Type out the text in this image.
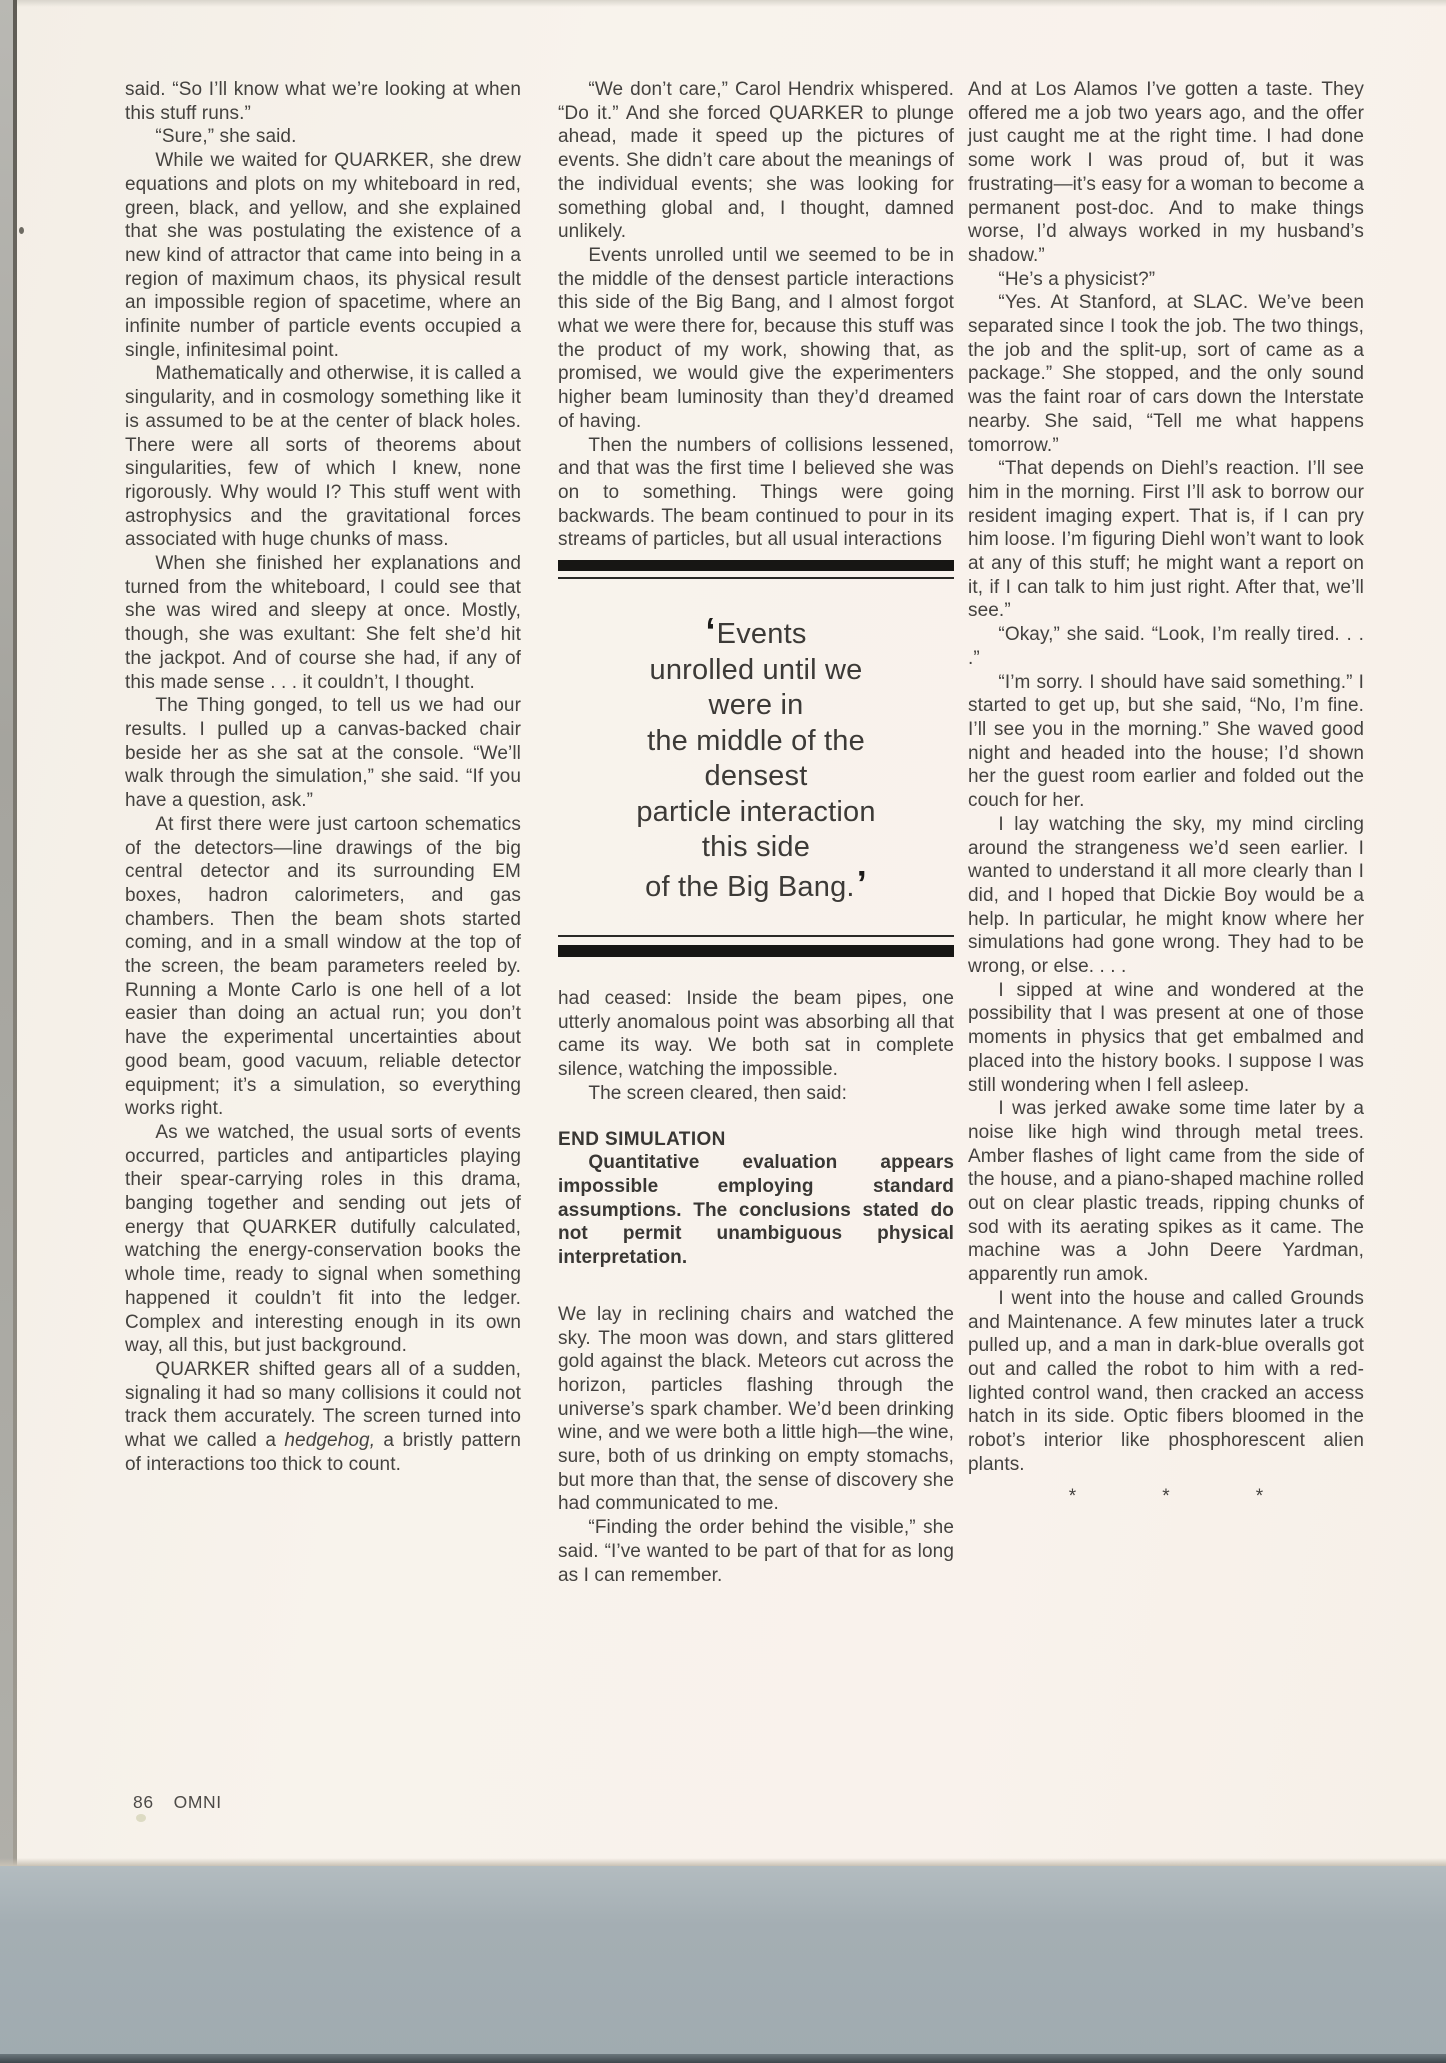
said. “So I’ll know what we’re looking at when this stuff runs.”

“Sure,” she said.

While we waited for QUARKER, she drew equations and plots on my whiteboard in red, green, black, and yellow, and she explained that she was postulating the existence of a new kind of attractor that came into being in a region of maximum chaos, its physical result an impossible region of spacetime, where an infinite number of particle events occupied a single, infinitesimal point.

Mathematically and otherwise, it is called a singularity, and in cosmology something like it is assumed to be at the center of black holes. There were all sorts of theorems about singularities, few of which I knew, none rigorously. Why would I? This stuff went with astrophysics and the gravitational forces associated with huge chunks of mass.

When she finished her explanations and turned from the whiteboard, I could see that she was wired and sleepy at once. Mostly, though, she was exultant: She felt she’d hit the jackpot. And of course she had, if any of this made sense . . . it couldn’t, I thought.

The Thing gonged, to tell us we had our results. I pulled up a canvas-backed chair beside her as she sat at the console. “We’ll walk through the simulation,” she said. “If you have a question, ask.”

At first there were just cartoon schematics of the detectors—line drawings of the big central detector and its surrounding EM boxes, hadron calorimeters, and gas chambers. Then the beam shots started coming, and in a small window at the top of the screen, the beam parameters reeled by. Running a Monte Carlo is one hell of a lot easier than doing an actual run; you don’t have the experimental uncertainties about good beam, good vacuum, reliable detector equipment; it’s a simulation, so everything works right.

As we watched, the usual sorts of events occurred, particles and antiparticles playing their spear-carrying roles in this drama, banging together and sending out jets of energy that QUARKER dutifully calculated, watching the energy-conservation books the whole time, ready to signal when something happened it couldn’t fit into the ledger. Complex and interesting enough in its own way, all this, but just background.

QUARKER shifted gears all of a sudden, signaling it had so many collisions it could not track them accurately. The screen turned into what we called a hedgehog, a bristly pattern of interactions too thick to count.

“We don’t care,” Carol Hendrix whispered. “Do it.” And she forced QUARKER to plunge ahead, made it speed up the pictures of events. She didn’t care about the meanings of the individual events; she was looking for something global and, I thought, damned unlikely.

Events unrolled until we seemed to be in the middle of the densest particle interactions this side of the Big Bang, and I almost forgot what we were there for, because this stuff was the product of my work, showing that, as promised, we would give the experimenters higher beam luminosity than they’d dreamed of having.

Then the numbers of collisions lessened, and that was the first time I believed she was on to something. Things were going backwards. The beam continued to pour in its streams of particles, but all usual interactions

‘Events
unrolled until we
were in
the middle of the
densest
particle interaction
this side
of the Big Bang.’

had ceased: Inside the beam pipes, one utterly anomalous point was absorbing all that came its way. We both sat in complete silence, watching the impossible.

The screen cleared, then said:

END SIMULATION

Quantitative evaluation appears impossible employing standard assumptions. The conclusions stated do not permit unambiguous physical interpretation.

We lay in reclining chairs and watched the sky. The moon was down, and stars glittered gold against the black. Meteors cut across the horizon, particles flashing through the universe’s spark chamber. We’d been drinking wine, and we were both a little high—the wine, sure, both of us drinking on empty stomachs, but more than that, the sense of discovery she had communicated to me.

“Finding the order behind the visible,” she said. “I’ve wanted to be part of that for as long as I can remember.

And at Los Alamos I’ve gotten a taste. They offered me a job two years ago, and the offer just caught me at the right time. I had done some work I was proud of, but it was frustrating—it’s easy for a woman to become a permanent post-doc. And to make things worse, I’d always worked in my husband’s shadow.”

“He’s a physicist?”

“Yes. At Stanford, at SLAC. We’ve been separated since I took the job. The two things, the job and the split-up, sort of came as a package.” She stopped, and the only sound was the faint roar of cars down the Interstate nearby. She said, “Tell me what happens tomorrow.”

“That depends on Diehl’s reaction. I’ll see him in the morning. First I’ll ask to borrow our resident imaging expert. That is, if I can pry him loose. I’m figuring Diehl won’t want to look at any of this stuff; he might want a report on it, if I can talk to him just right. After that, we’ll see.”

“Okay,” she said. “Look, I’m really tired. . . .”

“I’m sorry. I should have said something.” I started to get up, but she said, “No, I’m fine. I’ll see you in the morning.” She waved good night and headed into the house; I’d shown her the guest room earlier and folded out the couch for her.

I lay watching the sky, my mind circling around the strangeness we’d seen earlier. I wanted to understand it all more clearly than I did, and I hoped that Dickie Boy would be a help. In particular, he might know where her simulations had gone wrong. They had to be wrong, or else. . . .

I sipped at wine and wondered at the possibility that I was present at one of those moments in physics that get embalmed and placed into the history books. I suppose I was still wondering when I fell asleep.

I was jerked awake some time later by a noise like high wind through metal trees. Amber flashes of light came from the side of the house, and a piano-shaped machine rolled out on clear plastic treads, ripping chunks of sod with its aerating spikes as it came. The machine was a John Deere Yardman, apparently run amok.

I went into the house and called Grounds and Maintenance. A few minutes later a truck pulled up, and a man in dark-blue overalls got out and called the robot to him with a red-lighted control wand, then cracked an access hatch in its side. Optic fibers bloomed in the robot’s interior like phosphorescent alien plants.

*	*	*
86 OMNI
